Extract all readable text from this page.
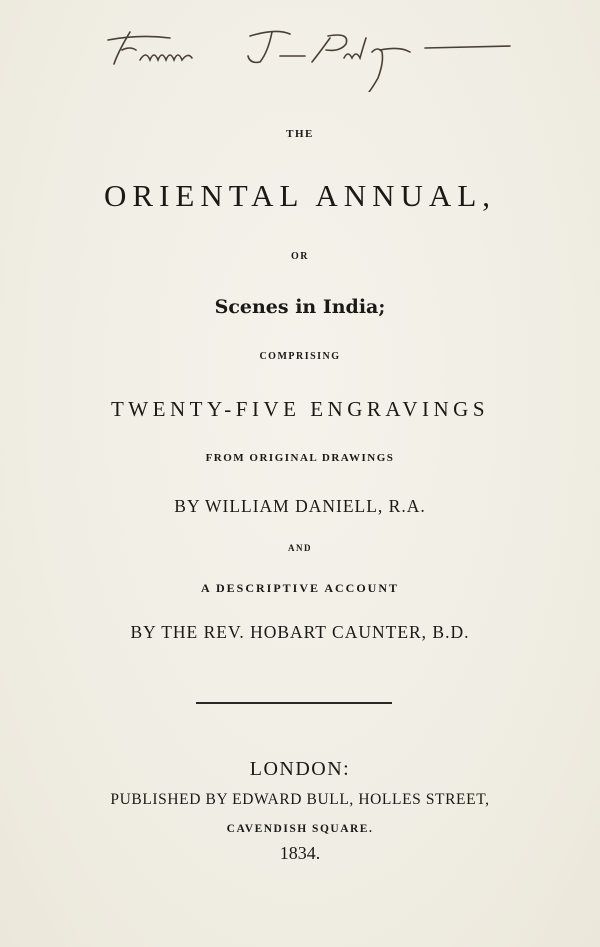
THE
ORIENTAL ANNUAL,
OR
Scenes in India;
COMPRISING
TWENTY-FIVE ENGRAVINGS
FROM ORIGINAL DRAWINGS
BY WILLIAM DANIELL, R.A.
AND
A DESCRIPTIVE ACCOUNT
BY THE REV. HOBART CAUNTER, B.D.
LONDON:
PUBLISHED BY EDWARD BULL, HOLLES STREET,
CAVENDISH SQUARE.
1834.
